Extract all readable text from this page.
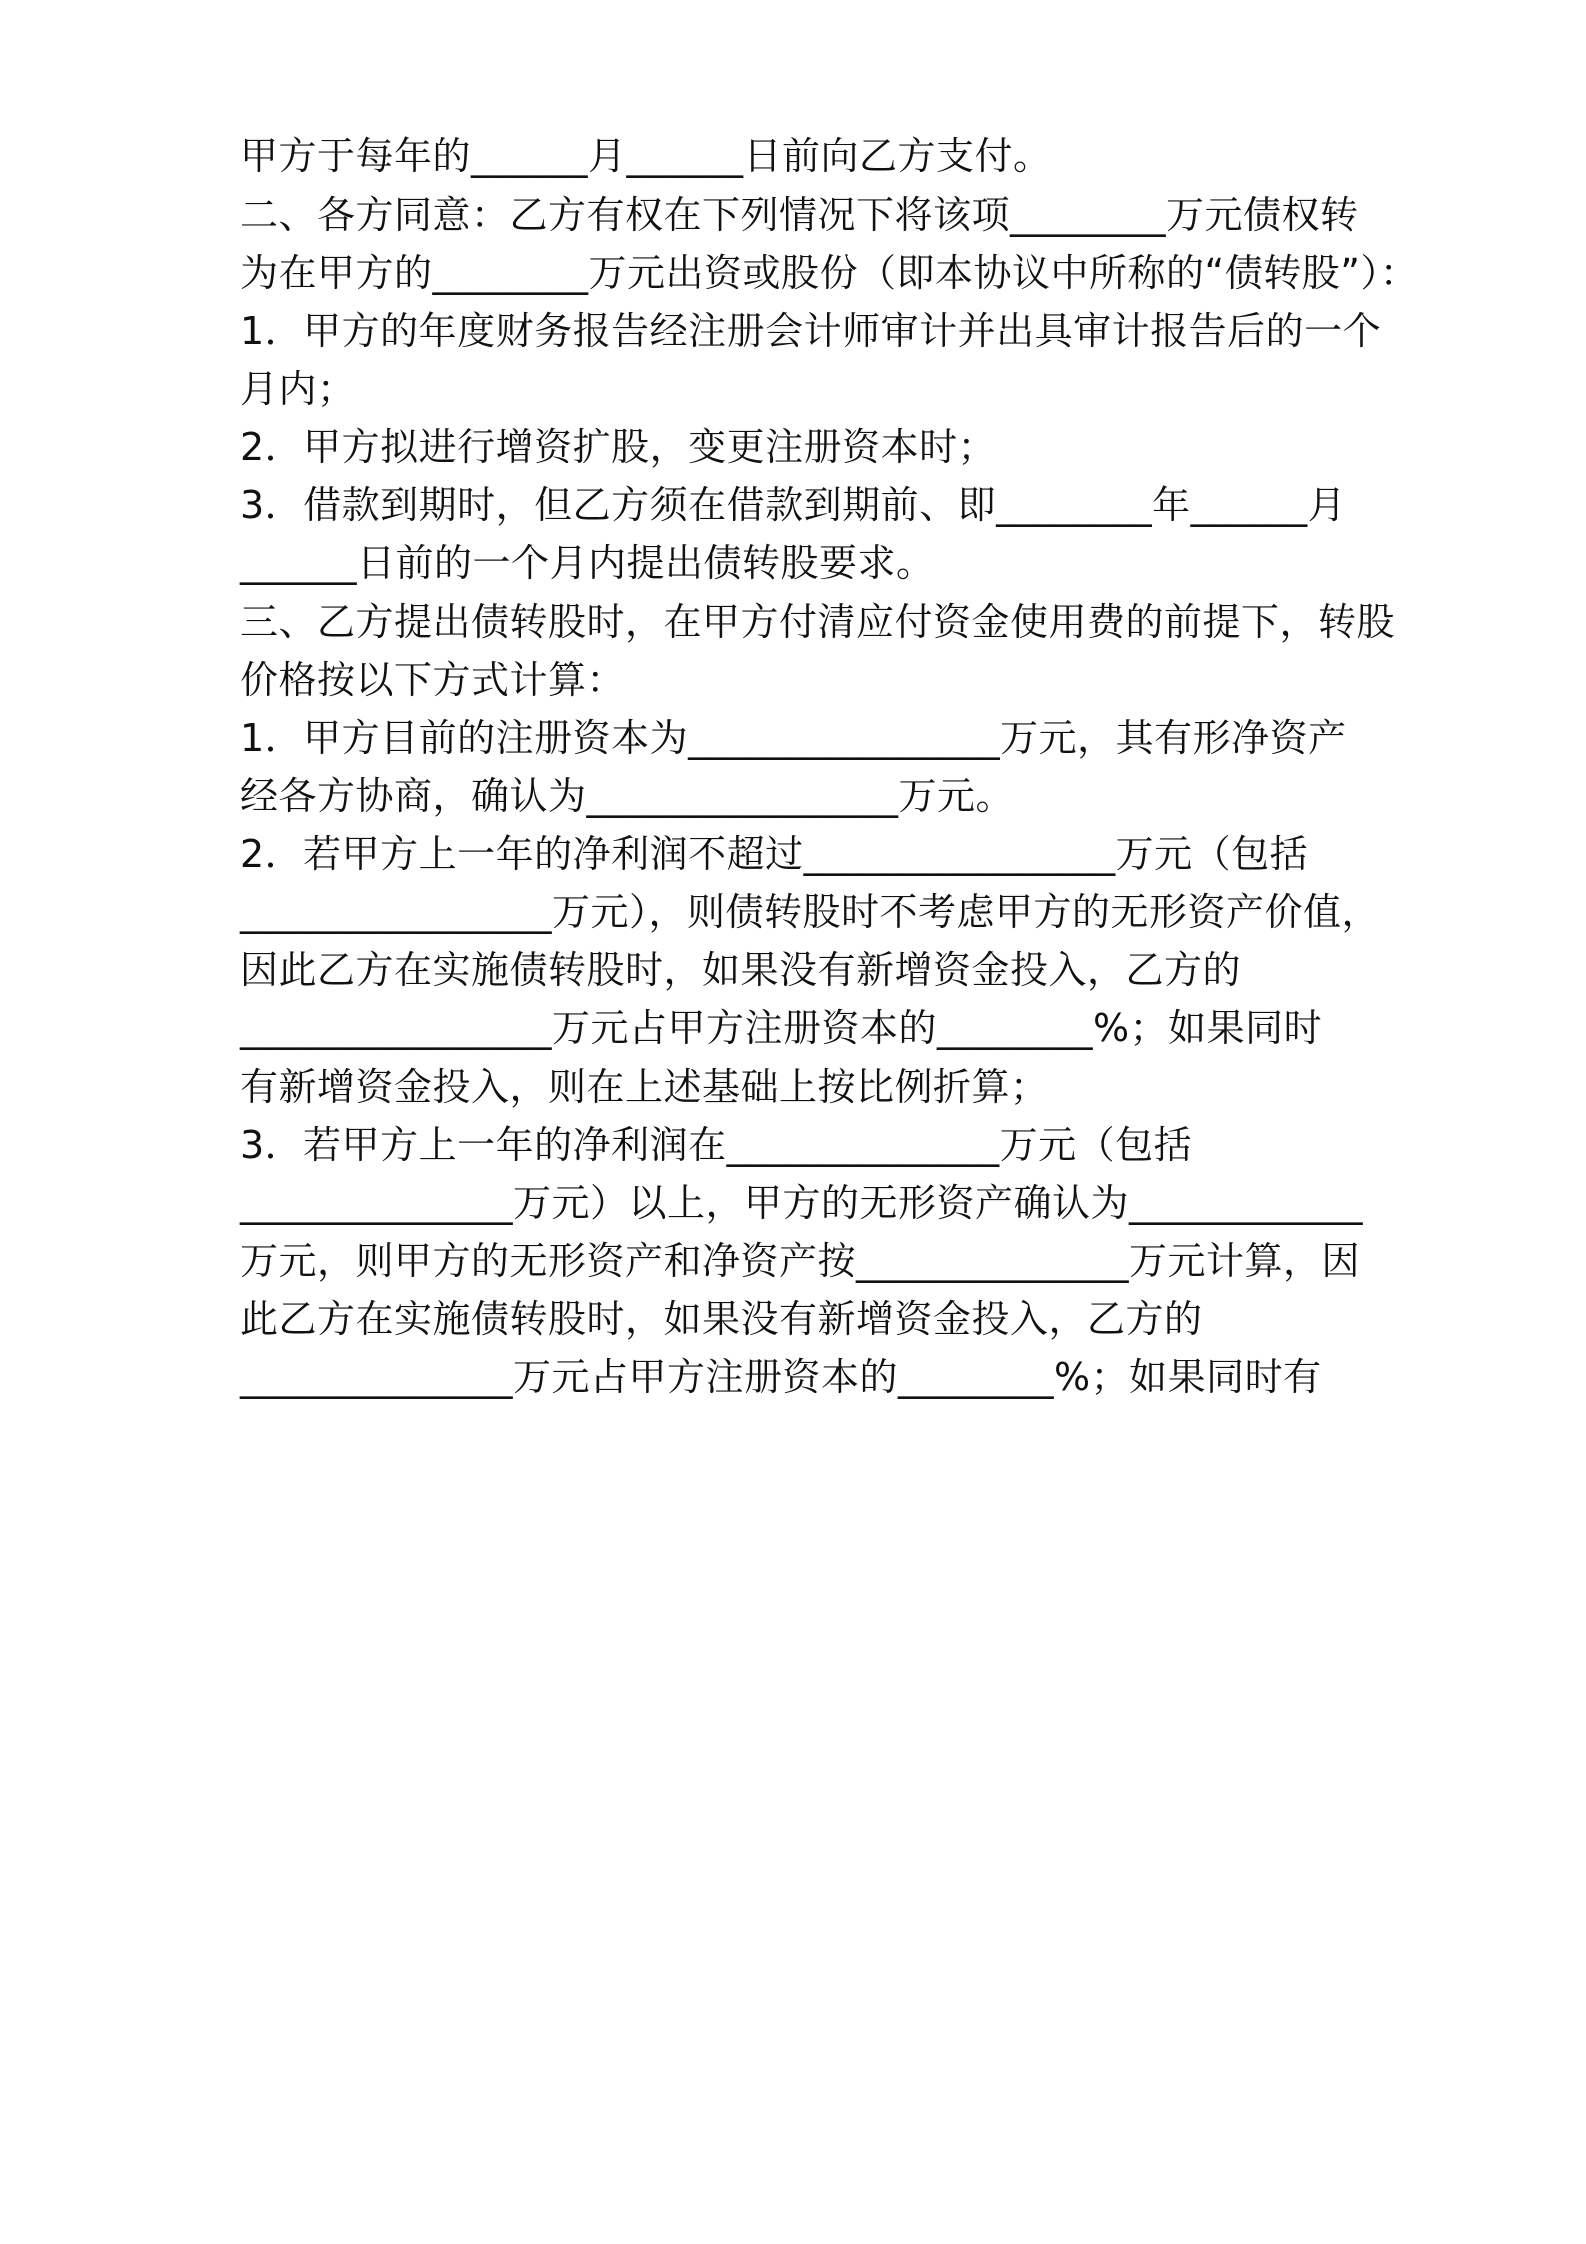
甲方于每年的______月______日前向乙方支付。

二、各方同意：乙方有权在下列情况下将该项________万元债权转

为在甲方的________万元出资或股份（即本协议中所称的“债转股”）：

1．甲方的年度财务报告经注册会计师审计并出具审计报告后的一个

月内；

2．甲方拟进行增资扩股，变更注册资本时；

3．借款到期时，但乙方须在借款到期前、即________年______月

______日前的一个月内提出债转股要求。

三、乙方提出债转股时，在甲方付清应付资金使用费的前提下，转股

价格按以下方式计算：

1．甲方目前的注册资本为________________万元，其有形净资产

经各方协商，确认为________________万元。

2．若甲方上一年的净利润不超过________________万元（包括

________________万元），则债转股时不考虑甲方的无形资产价值，

因此乙方在实施债转股时，如果没有新增资金投入，乙方的

________________万元占甲方注册资本的________%；如果同时

有新增资金投入，则在上述基础上按比例折算；

3．若甲方上一年的净利润在______________万元（包括

______________万元）以上，甲方的无形资产确认为____________

万元，则甲方的无形资产和净资产按______________万元计算，因

此乙方在实施债转股时，如果没有新增资金投入，乙方的

______________万元占甲方注册资本的________%；如果同时有
